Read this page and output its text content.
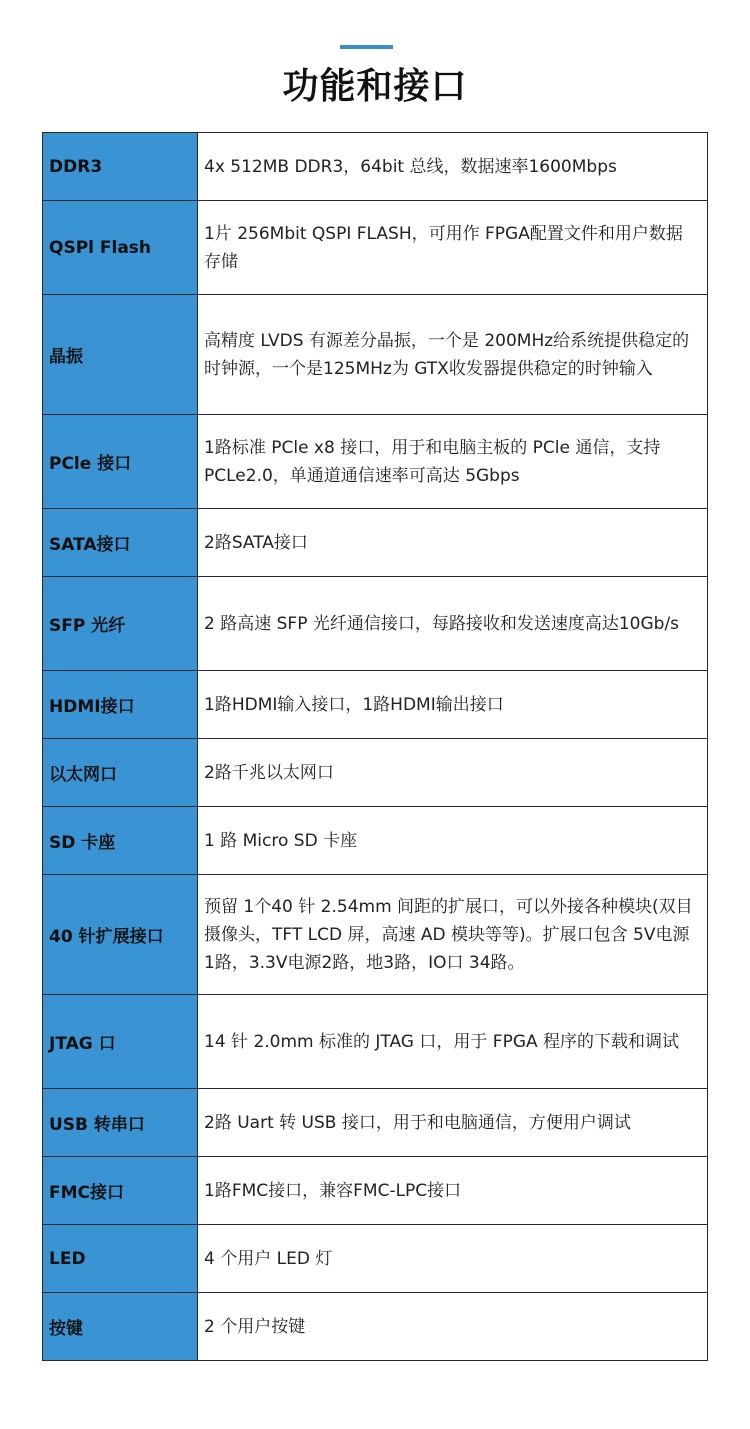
功能和接口
DDR3	4x 512MB DDR3，64bit 总线，数据速率1600Mbps
QSPl Flash	1片 256Mbit QSPI FLASH，可用作 FPGA配置文件和用户数据存储
晶振	高精度 LVDS 有源差分晶振，一个是 200MHz给系统提供稳定的时钟源，一个是125MHz为 GTX收发器提供稳定的时钟输入
PCle 接口	1路标准 PCle x8 接口，用于和电脑主板的 PCle 通信，支持PCLe2.0，单通道通信速率可高达 5Gbps
SATA接口	2路SATA接口
SFP 光纤	2 路高速 SFP 光纤通信接口，每路接收和发送速度高达10Gb/s
HDMI接口	1路HDMI输入接口，1路HDMI输出接口
以太网口	2路千兆以太网口
SD 卡座	1 路 Micro SD 卡座
40 针扩展接口	预留 1个40 针 2.54mm 间距的扩展口，可以外接各种模块(双目摄像头，TFT LCD 屏，高速 AD 模块等等)。扩展口包含 5V电源1路，3.3V电源2路，地3路，IO口 34路。
JTAG 口	14 针 2.0mm 标准的 JTAG 口，用于 FPGA 程序的下载和调试
USB 转串口	2路 Uart 转 USB 接口，用于和电脑通信，方便用户调试
FMC接口	1路FMC接口，兼容FMC-LPC接口
LED	4 个用户 LED 灯
按键	2 个用户按键
